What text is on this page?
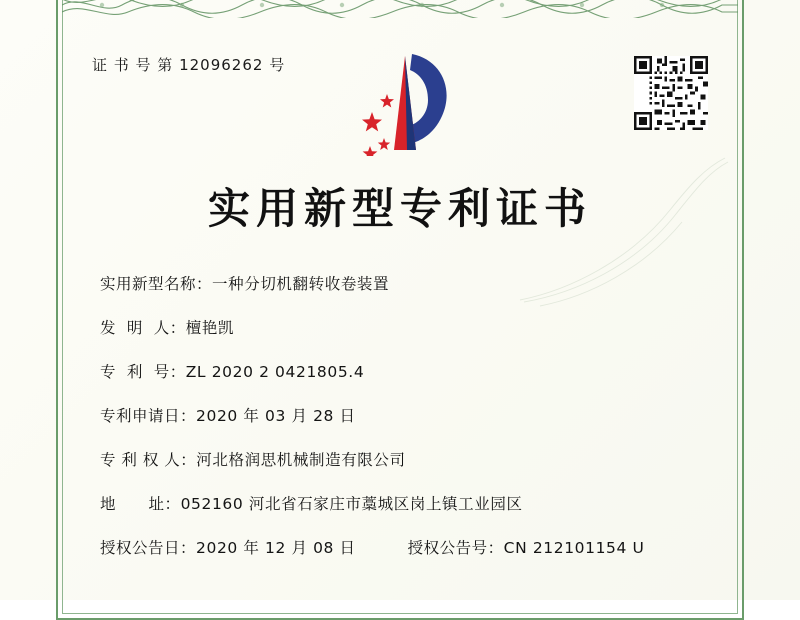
证 书 号 第 12096262 号
实用新型专利证书
实用新型名称： 一种分切机翻转收卷装置
发  明  人： 檀艳凯
专  利  号： ZL 2020 2 0421805.4
专利申请日： 2020 年 03 月 28 日
专 利 权 人： 河北格润思机械制造有限公司
地      址： 052160 河北省石家庄市藁城区岗上镇工业园区
授权公告日： 2020 年 12 月 08 日	授权公告号： CN 212101154 U
